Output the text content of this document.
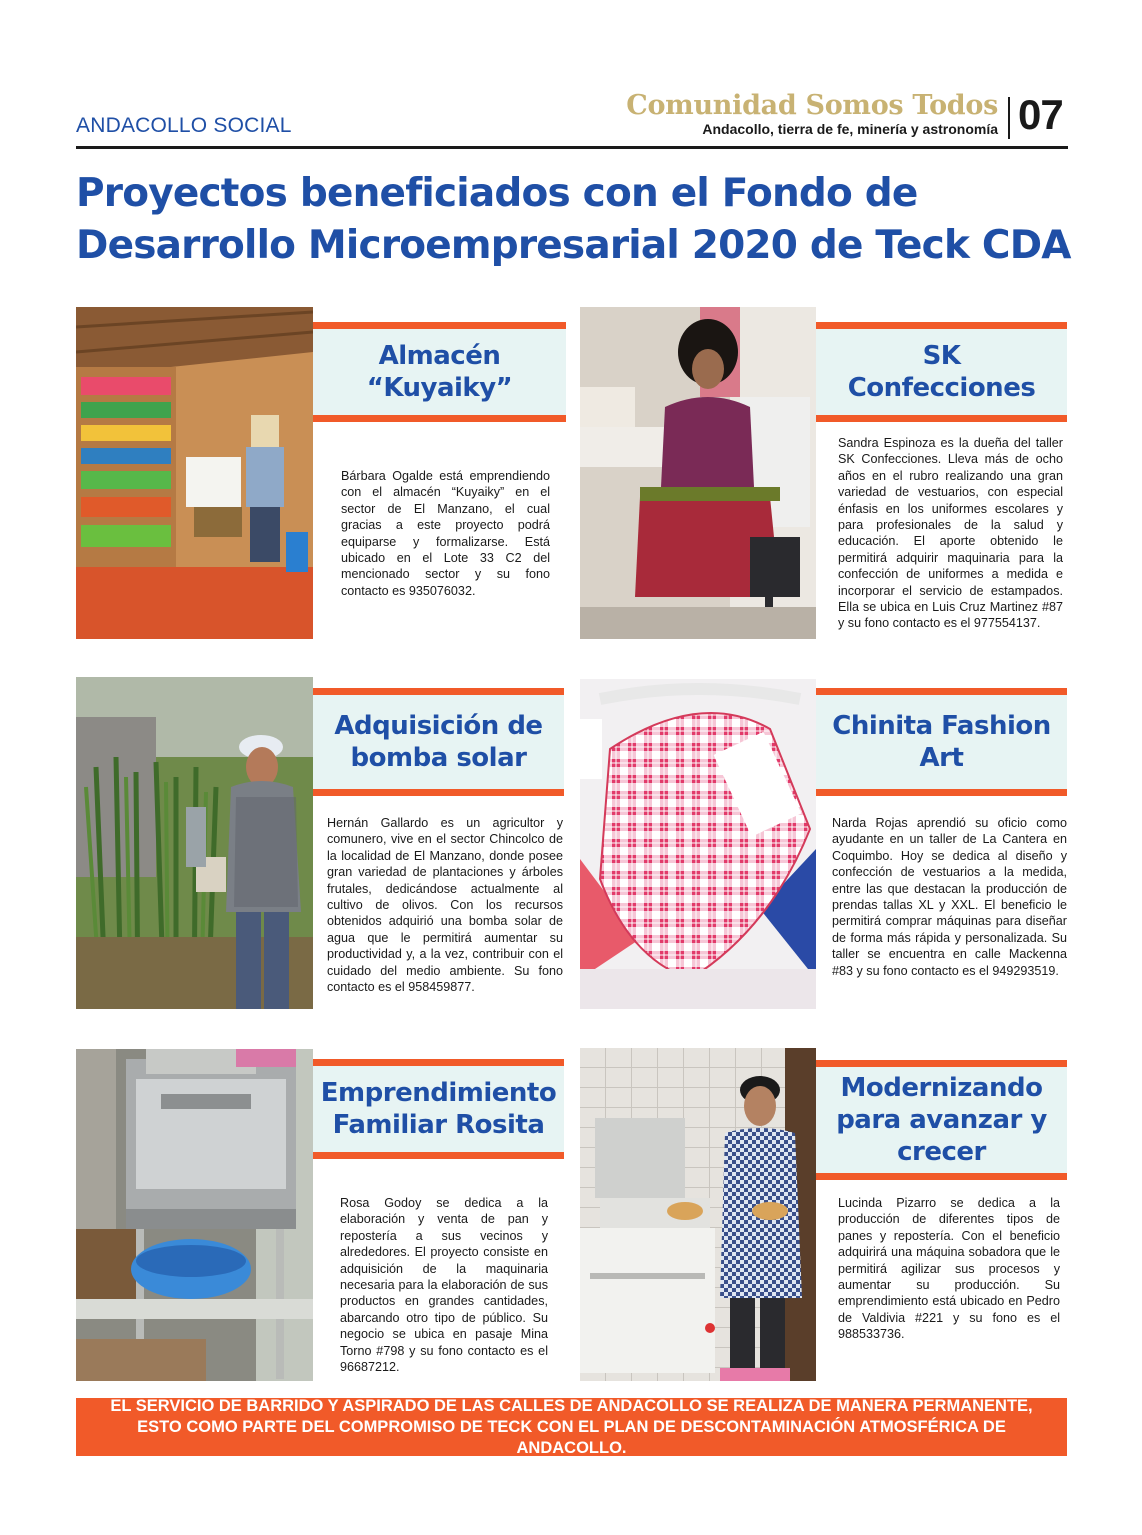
ANDACOLLO SOCIAL
Comunidad Somos Todos
Andacollo, tierra de fe, minería y astronomía 07
Proyectos beneficiados con el Fondo de Desarrollo Microempresarial 2020 de Teck CDA
Almacén
“Kuyaiky”
Bárbara Ogalde está emprendiendo con el almacén “Kuyaiky” en el sector de El Manzano, el cual gracias a este proyecto podrá equiparse y formalizarse. Está ubicado en el Lote 33 C2 del mencionado sector y su fono contacto es 935076032.
SK
Confecciones
Sandra Espinoza es la dueña del taller SK Confecciones. Lleva más de ocho años en el rubro realizando una gran variedad de vestuarios, con especial énfasis en los uniformes escolares y para profesionales de la salud y educación. El aporte obtenido le permitirá adquirir maquinaria para la confección de uniformes a medida e incorporar el servicio de estampados. Ella se ubica en Luis Cruz Martinez #87 y su fono contacto es el 977554137.
Adquisición de
bomba solar
Hernán Gallardo es un agricultor y comunero, vive en el sector Chincolco de la localidad de El Manzano, donde posee gran variedad de plantaciones y árboles frutales, dedicándose actualmente al cultivo de olivos. Con los recursos obtenidos adquirió una bomba solar de agua que le permitirá aumentar su productividad y, a la vez, contribuir con el cuidado del medio ambiente. Su fono contacto es el 958459877.
Chinita Fashion
Art
Narda Rojas aprendió su oficio como ayudante en un taller de La Cantera en Coquimbo. Hoy se dedica al diseño y confección de vestuarios a la medida, entre las que destacan la producción de prendas tallas XL y XXL. El beneficio le permitirá comprar máquinas para diseñar de forma más rápida y personalizada. Su taller se encuentra en calle Mackenna #83 y su fono contacto es el 949293519.
Emprendimiento
Familiar Rosita
Rosa Godoy se dedica a la elaboración y venta de pan y repostería a sus vecinos y alrededores. El proyecto consiste en adquisición de la maquinaria necesaria para la elaboración de sus productos en grandes cantidades, abarcando otro tipo de público. Su negocio se ubica en pasaje Mina Torno #798 y su fono contacto es el 96687212.
Modernizando
para avanzar y
crecer
Lucinda Pizarro se dedica a la producción de diferentes tipos de panes y repostería. Con el beneficio adquirirá una máquina sobadora que le permitirá agilizar sus procesos y aumentar su producción. Su emprendimiento está ubicado en Pedro de Valdivia #221 y su fono es el 988533736.
EL SERVICIO DE BARRIDO Y ASPIRADO DE LAS CALLES DE ANDACOLLO SE REALIZA DE MANERA PERMANENTE, ESTO COMO PARTE DEL COMPROMISO DE TECK CON EL PLAN DE DESCONTAMINACIÓN ATMOSFÉRICA DE ANDACOLLO.
